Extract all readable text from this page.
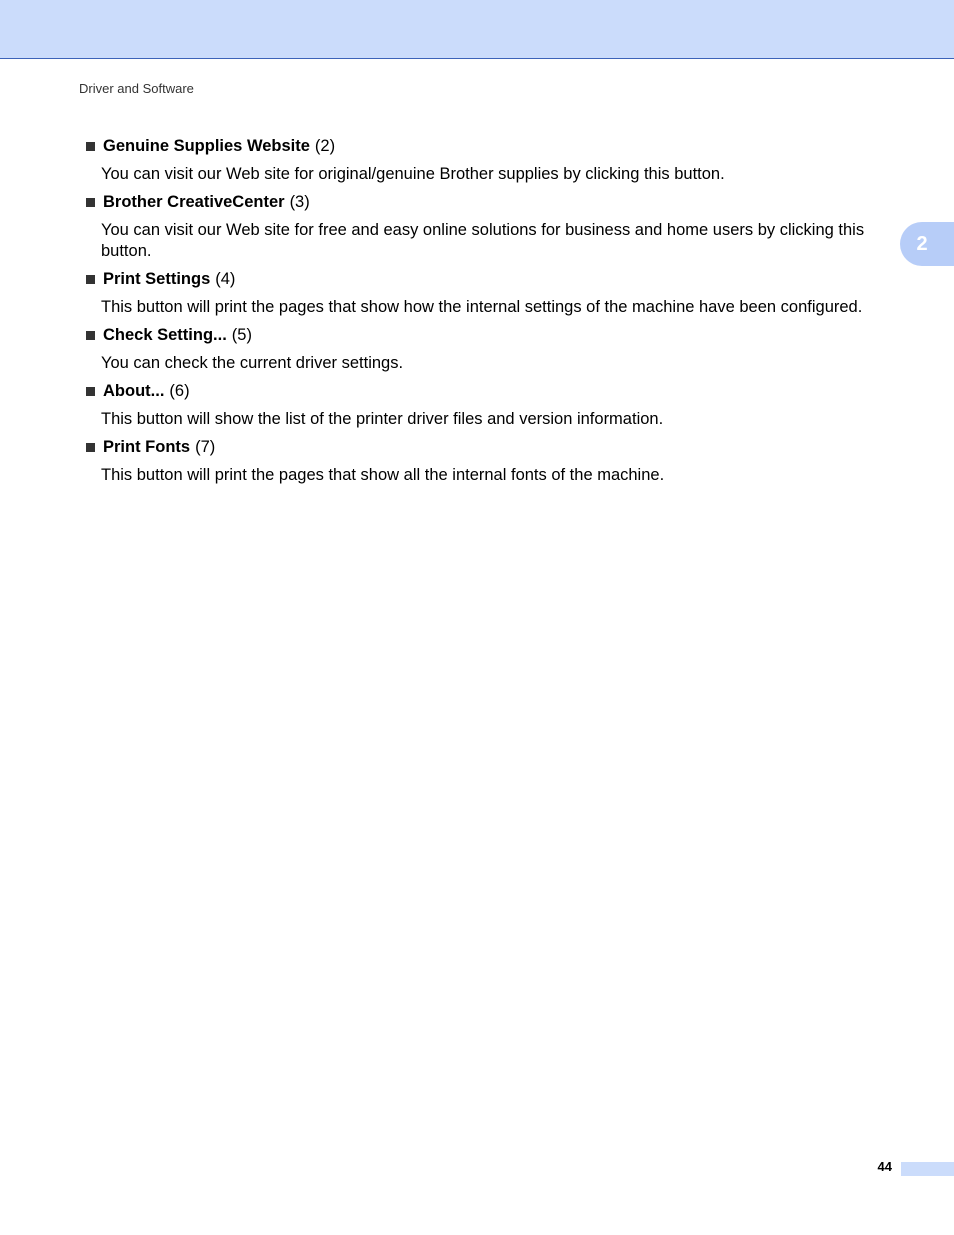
Driver and Software
2
Genuine Supplies Website (2)

You can visit our Web site for original/genuine Brother supplies by clicking this button.

Brother CreativeCenter (3)

You can visit our Web site for free and easy online solutions for business and home users by clicking this button.

Print Settings (4)

This button will print the pages that show how the internal settings of the machine have been configured.

Check Setting... (5)

You can check the current driver settings.

About... (6)

This button will show the list of the printer driver files and version information.

Print Fonts (7)

This button will print the pages that show all the internal fonts of the machine.

44
